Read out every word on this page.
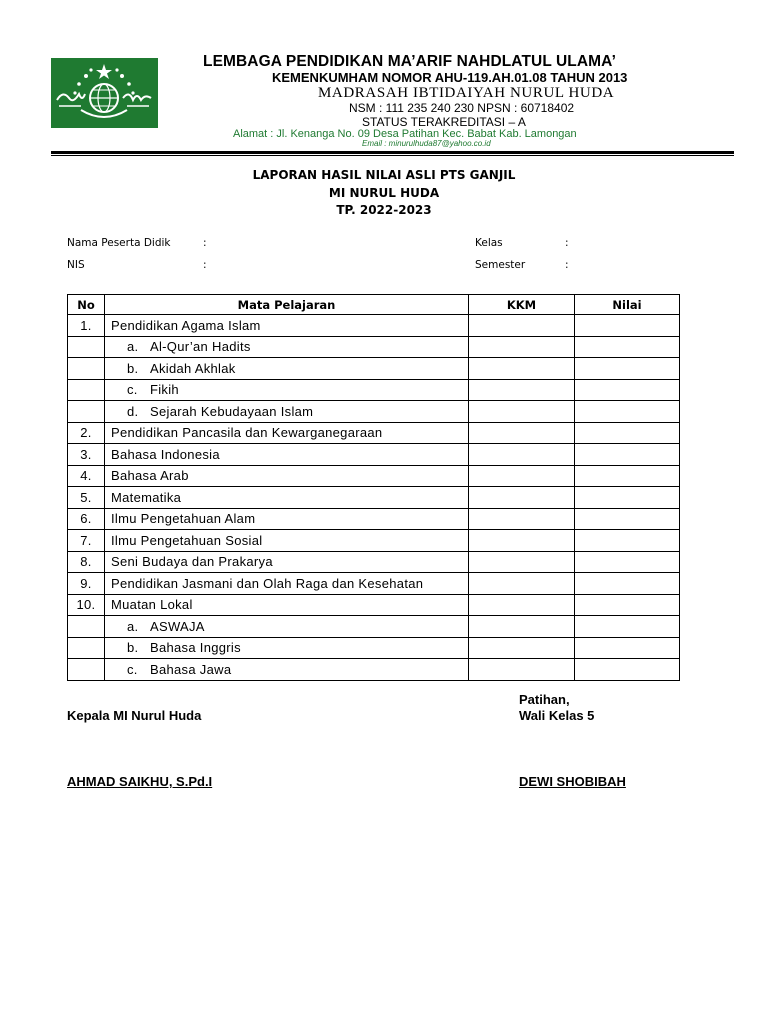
LEMBAGA PENDIDIKAN MA’ARIF NAHDLATUL ULAMA’
KEMENKUMHAM NOMOR AHU-119.AH.01.08 TAHUN 2013
MADRASAH IBTIDAIYAH NURUL HUDA
NSM : 111 235 240 230 NPSN : 60718402
STATUS TERAKREDITASI – A
Alamat : Jl. Kenanga No. 09 Desa Patihan Kec. Babat Kab. Lamongan
Email : minurulhuda87@yahoo.co.id
LAPORAN HASIL NILAI ASLI PTS GANJIL
MI NURUL HUDA
TP. 2022-2023
Nama Peserta Didik	:
NIS	:
Kelas	:
Semester	:
No	Mata Pelajaran	KKM	Nilai
1.	Pendidikan Agama Islam		
	a. Al-Qur’an Hadits		
	b. Akidah Akhlak		
	c. Fikih		
	d. Sejarah Kebudayaan Islam		
2.	Pendidikan Pancasila dan Kewarganegaraan		
3.	Bahasa Indonesia		
4.	Bahasa Arab		
5.	Matematika		
6.	Ilmu Pengetahuan Alam		
7.	Ilmu Pengetahuan Sosial		
8.	Seni Budaya dan Prakarya		
9.	Pendidikan Jasmani dan Olah Raga dan Kesehatan		
10.	Muatan Lokal		
	a. ASWAJA		
	b. Bahasa Inggris		
	c. Bahasa Jawa		
Patihan,
Kepala MI Nurul Huda	Wali Kelas 5
AHMAD SAIKHU, S.Pd.I	DEWI SHOBIBAH
